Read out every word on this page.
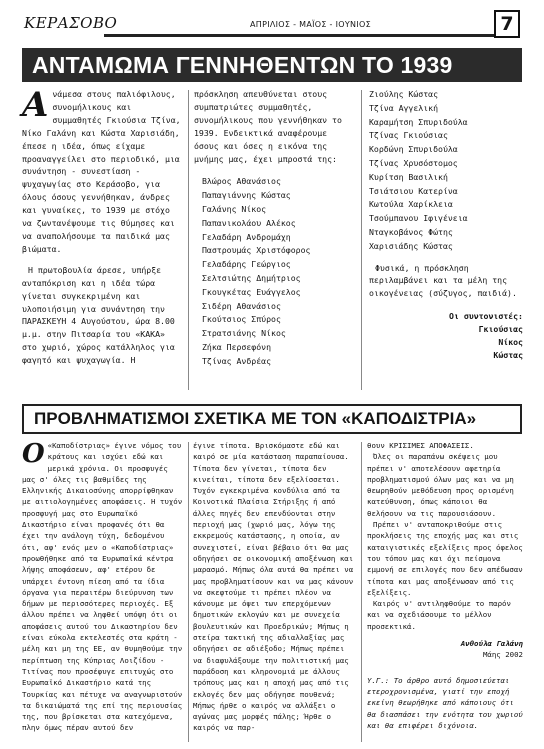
ΚΕΡΑΣΟΒΟ	ΑΠΡΙΛΙΟΣ - ΜΑΪΟΣ - ΙΟΥΝΙΟΣ	7
ΑΝΤΑΜΩΜΑ ΓΕΝΝΗΘΕΝΤΩΝ ΤΟ 1939

Ανάμεσα στους παλιόφιλους, συνομήλικους και συμμαθητές Γκιούσια Τζίνα, Νίκο Γαλάνη και Κώστα Χαρισιάδη, έπεσε η ιδέα, όπως είχαμε προαναγγείλει στο περιοδικό, μια συνάντηση - συνεστίαση - ψυχαγωγίας στο Κεράσοβο, για όλους όσους γεννήθηκαν, άνδρες και γυναίκες, το 1939 με στόχο να ζωντανέψουμε τις θύμησες και να αναπολήσουμε τα παιδικά μας βιώματα.

Η πρωτοβουλία άρεσε, υπήρξε ανταπόκριση και η ιδέα τώρα γίνεται συγκεκριμένη και υλοποιήσιμη για συνάντηση την ΠΑΡΑΣΚΕΥΗ 4 Αυγούστου, ώρα 8.00 μ.μ. στην Πιτσαρία του «ΚΑΚΑ» στο χωριό, χώρος κατάλληλος για φαγητό και ψυχαγωγία. Η

πρόσκληση απευθύνεται στους συμπατριώτες συμμαθητές, συνομήλικους που γεννήθηκαν το 1939. Ενδεικτικά αναφέρουμε όσους και όσες η εικόνα της μνήμης μας, έχει μπροστά της:

Βλώρος Αθανάσιος
Παπαγιάννης Κώστας
Γαλάνης Νίκος
Παπανικολάου Αλέκος
Γελαδάρη Ανδρομάχη
Παστρουμάς Χριστόφορος
Γελαδάρης Γεώργιος
Σελτσιώτης Δημήτριος
Γκουγκέτας Ευάγγελος
Σιδέρη Αθανάσιος
Γκούτσιος Σπύρος
Στρατσιάνης Νίκος
Ζήκα Περσεφόνη
Τζίνας Ανδρέας
Ζιούλης Κώστας
Τζίνα Αγγελική
Καραμήτση Σπυριδούλα
Τζίνας Γκιούσιας
Κορδώνη Σπυριδούλα
Τζίνας Χρυσόστομος
Κυρίτση Βασιλική
Τσιάτσιου Κατερίνα
Κωτούλα Χαρίκλεια
Τσούμπανου Ιφιγένεια
Νταγκοβάνος Φώτης
Χαρισιάδης Κώστας

Φυσικά, η πρόσκληση περιλαμβάνει και τα μέλη της οικογένειας (σύζυγος, παιδιά).

Οι συντονιστές:
Γκιούσιας
Νίκος
Κώστας
ΠΡΟΒΛΗΜΑΤΙΣΜΟΙ ΣΧΕΤΙΚΑ ΜΕ ΤΟΝ «ΚΑΠΟΔΙΣΤΡΙΑ»

Ο «Καποδίστριας» έγινε νόμος του κράτους και ισχύει εδώ και μερικά χρόνια. Οι προσφυγές μας σ' όλες τις βαθμίδες της Ελληνικής Δικαιοσύνης απορρίφθηκαν με αιτιολογημένες αποφάσεις. Η τυχόν προσφυγή μας στο Ευρωπαϊκό Δικαστήριο είναι προφανές ότι θα έχει την ανάλογη τύχη, δεδομένου ότι, αφ' ενός μεν ο «Καποδίστριας» προωθήθηκε από τα Ευρωπαϊκά κέντρα λήψης αποφάσεων, αφ' ετέρου δε υπάρχει έντονη πίεση από τα ίδια όργανα για περαιτέρω διεύρυνση των δήμων με περισσότερες περιοχές. Εξ άλλου πρέπει να ληφθεί υπόψη ότι οι αποφάσεις αυτού του Δικαστηρίου δεν είναι εύκολα εκτελεστές στα κράτη - μέλη και μη της ΕΕ, αν θυμηθούμε την περίπτωση της Κύπριας Λοιζίδου - Τιτίνας που προσέφυγε επιτυχώς στο Ευρωπαϊκό Δικαστήριο κατά της Τουρκίας και πέτυχε να αναγνωριστούν τα δικαιώματά της επί της περιουσίας της, που βρίσκεται στα κατεχόμενα, πλην όμως πέραν αυτού δεν

έγινε τίποτα. Βρισκόμαστε εδώ και καιρό σε μία κατάσταση παραπαίουσα. Τίποτα δεν γίνεται, τίποτα δεν κινείται, τίποτα δεν εξελίσσεται. Τυχόν εγκεκριμένα κονδύλια από τα Κοινοτικά Πλαίσια Στήριξης ή από άλλες πηγές δεν επενδύονται στην περιοχή μας (χωριό μας, λόγω της εκκρεμούς κατάστασης, η οποία, αν συνεχιστεί, είναι βέβαιο ότι θα μας οδηγήσει σε οικονομική αποξένωση και μαρασμό. Μήπως όλα αυτά θα πρέπει να μας προβληματίσουν και να μας κάνουν να σκεφτούμε τι πρέπει πλέον να κάνουμε με όψει των επερχόμενων δημοτικών εκλογών και με συνεχεία βουλευτικών και Προεδρικών; Μήπως η στείρα τακτική της αδιαλλαξίας μας οδηγήσει σε αδιέξοδο; Μήπως πρέπει να διαφυλάξουμε την πολιτιστική μας παράδοση και κληρονομιά με άλλους τρόπους μας και η αποχή μας από τις εκλογές δεν μας οδήγησε πουθενά; Μήπως ήρθε ο καιρός να αλλάξει ο αγώνας μας μορφές πάλης; Ήρθε ο καιρός να παρ-

θουν ΚΡΙΣΙΜΕΣ ΑΠΟΦΑΣΕΙΣ.

Όλες οι παραπάνω σκέψεις μου πρέπει ν' αποτελέσουν αφετηρία προβληματισμού όλων μας και να μη θεωρηθούν μεθόδευση προς ορισμένη κατεύθυνση, όπως κάποιοι θα θελήσουν να τις παρουσιάσουν.

Πρέπει ν' ανταποκριθούμε στις προκλήσεις της εποχής μας και στις καταιγιστικές εξελίξεις προς όφελος του τόπου μας και όχι πείσμονα εμμονή σε επιλογές που δεν απέδωσαν τίποτα και μας αποξένωσαν από τις εξελίξεις.

Καιρός ν' αντιληφθούμε το παρόν και να σχεδιάσουμε το μέλλον προσεκτικά.

Ανθούλα Γαλάνη
Μάης 2002

Υ.Γ.: Το άρθρο αυτό δημοσιεύεται ετεροχρονισμένα, γιατί την εποχή εκείνη θεωρήθηκε από κάποιους ότι θα διασπάσει την ενότητα του χωριού και θα επιφέρει διχόνοια.
